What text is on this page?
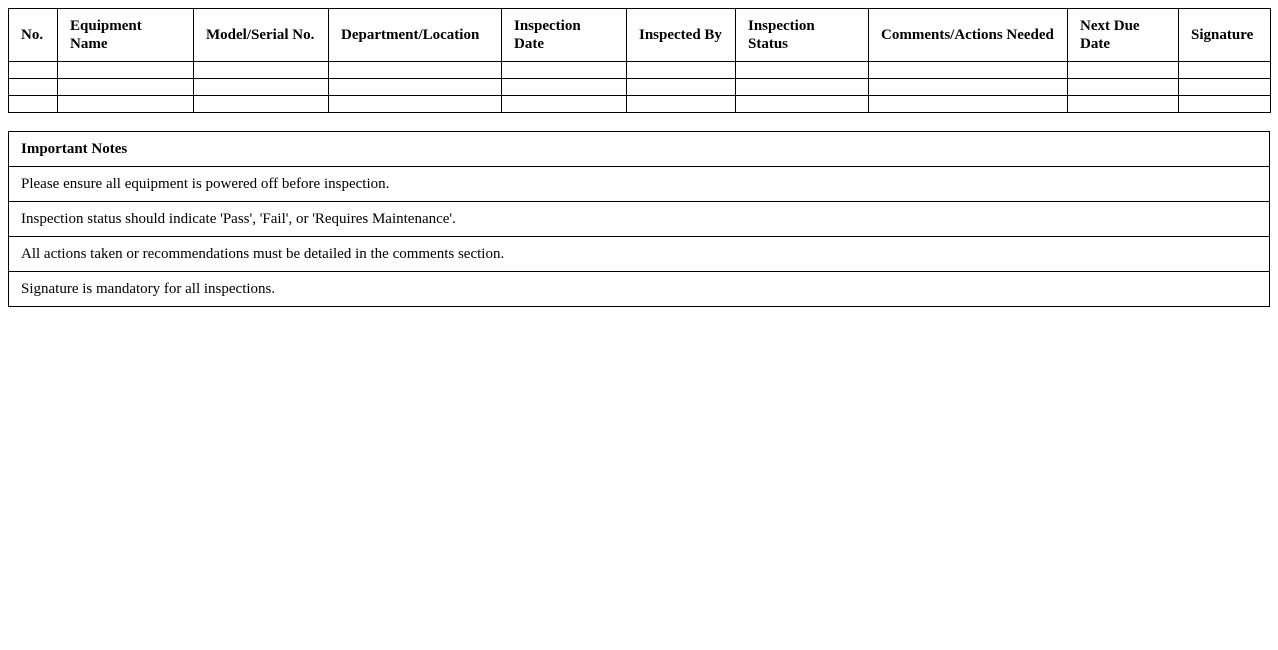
No.	Equipment Name	Model/Serial No.	Department/Location	Inspection Date	Inspected By	Inspection Status	Comments/Actions Needed	Next Due Date	Signature

Important Notes
Please ensure all equipment is powered off before inspection.
Inspection status should indicate 'Pass', 'Fail', or 'Requires Maintenance'.
All actions taken or recommendations must be detailed in the comments section.
Signature is mandatory for all inspections.
